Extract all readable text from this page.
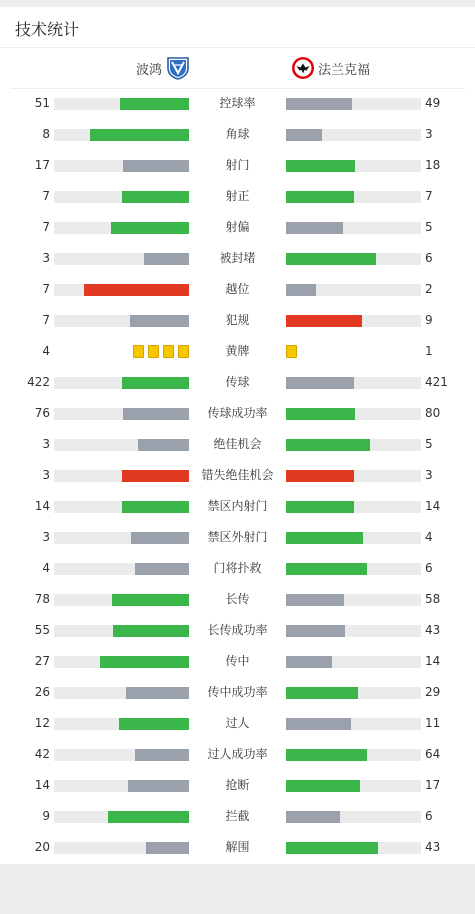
技术统计
波鸿	法兰克福
51	控球率	49
8	角球	3
17	射门	18
7	射正	7
7	射偏	5
3	被封堵	6
7	越位	2
7	犯规	9
4	黄牌	1
422	传球	421
76	传球成功率	80
3	绝佳机会	5
3	错失绝佳机会	3
14	禁区内射门	14
3	禁区外射门	4
4	门将扑救	6
78	长传	58
55	长传成功率	43
27	传中	14
26	传中成功率	29
12	过人	11
42	过人成功率	64
14	抢断	17
9	拦截	6
20	解围	43
